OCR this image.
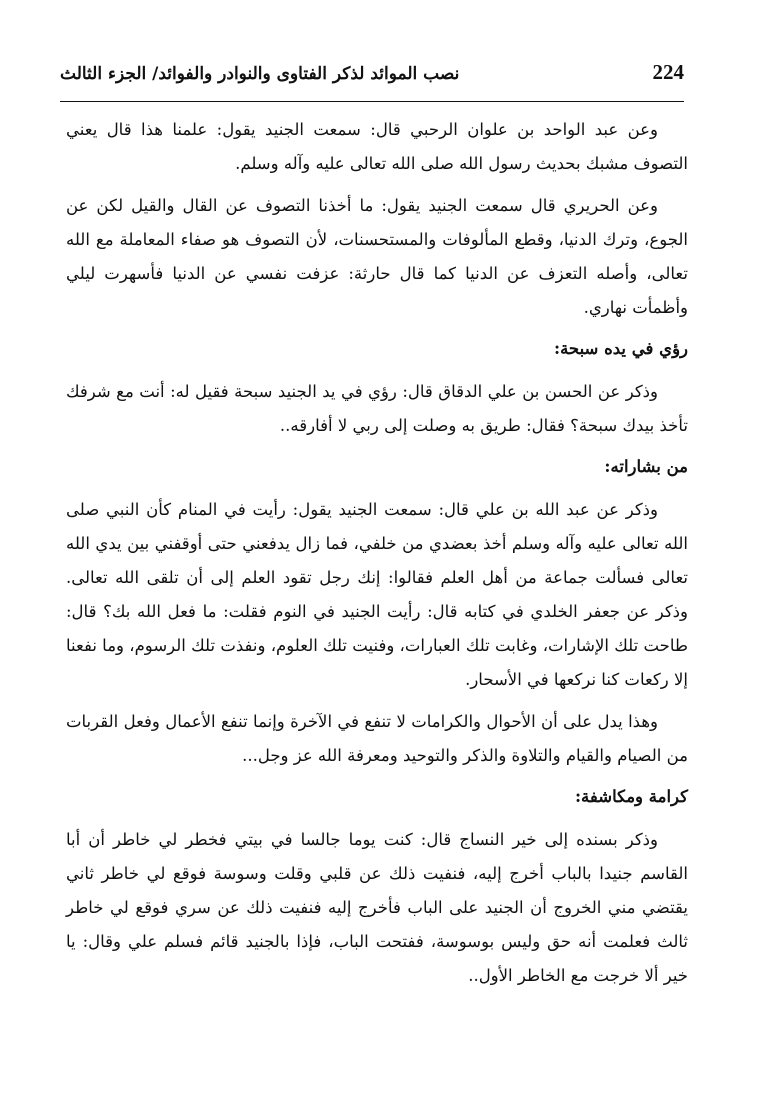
224
نصب الموائد لذكر الفتاوى والنوادر والفوائد/ الجزء الثالث

وعن عبد الواحد بن علوان الرحبي قال: سمعت الجنيد يقول: علمنا هذا قال يعني التصوف مشبك بحديث رسول الله صلى الله تعالى عليه وآله وسلم.

وعن الحريري قال سمعت الجنيد يقول: ما أخذنا التصوف عن القال والقيل لكن عن الجوع، وترك الدنيا، وقطع المألوفات والمستحسنات، لأن التصوف هو صفاء المعاملة مع الله تعالى، وأصله التعزف عن الدنيا كما قال حارثة: عزفت نفسي عن الدنيا فأسهرت ليلي وأظمأت نهاري.

رؤي في يده سبحة:

وذكر عن الحسن بن علي الدقاق قال: رؤي في يد الجنيد سبحة فقيل له: أنت مع شرفك تأخذ بيدك سبحة؟ فقال: طريق به وصلت إلى ربي لا أفارقه..

من بشاراته:

وذكر عن عبد الله بن علي قال: سمعت الجنيد يقول: رأيت في المنام كأن النبي صلى الله تعالى عليه وآله وسلم أخذ بعضدي من خلفي، فما زال يدفعني حتى أوقفني بين يدي الله تعالى فسألت جماعة من أهل العلم فقالوا: إنك رجل تقود العلم إلى أن تلقى الله تعالى. وذكر عن جعفر الخلدي في كتابه قال: رأيت الجنيد في النوم فقلت: ما فعل الله بك؟ قال: طاحت تلك الإشارات، وغابت تلك العبارات، وفنيت تلك العلوم، ونفذت تلك الرسوم، وما نفعنا إلا ركعات كنا نركعها في الأسحار.

وهذا يدل على أن الأحوال والكرامات لا تنفع في الآخرة وإنما تنفع الأعمال وفعل القربات من الصيام والقيام والتلاوة والذكر والتوحيد ومعرفة الله عز وجل...

كرامة ومكاشفة:

وذكر بسنده إلى خير النساج قال: كنت يوما جالسا في بيتي فخطر لي خاطر أن أبا القاسم جنيدا بالباب أخرج إليه، فنفيت ذلك عن قلبي وقلت وسوسة فوقع لي خاطر ثاني يقتضي مني الخروج أن الجنيد على الباب فأخرج إليه فنفيت ذلك عن سري فوقع لي خاطر ثالث فعلمت أنه حق وليس بوسوسة، ففتحت الباب، فإذا بالجنيد قائم فسلم علي وقال: يا خير ألا خرجت مع الخاطر الأول..
